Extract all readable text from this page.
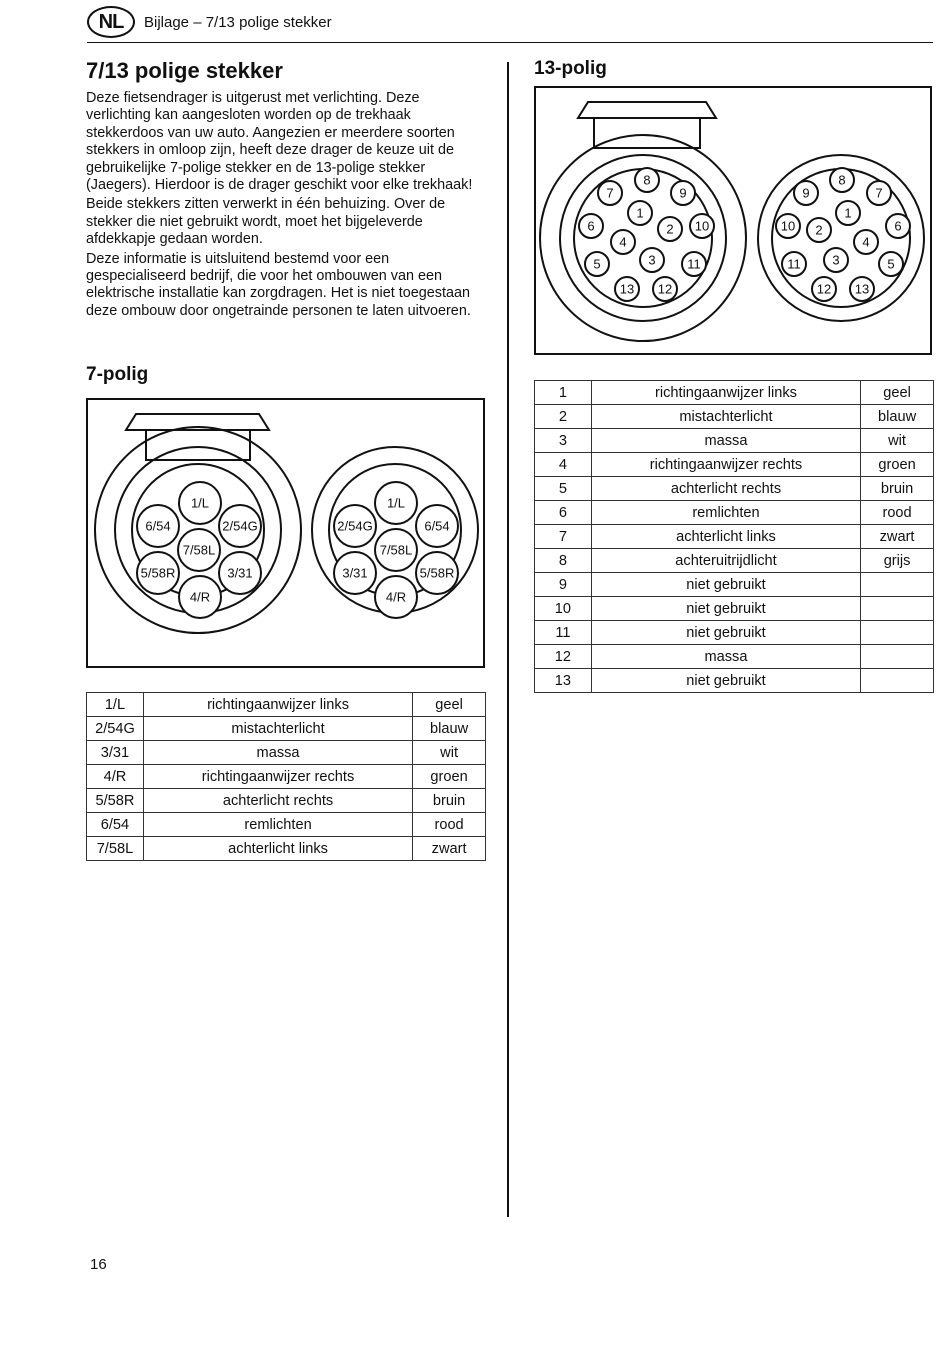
NL	Bijlage – 7/13 polige stekker
7/13 polige stekker

Deze fietsendrager is uitgerust met verlichting. Deze verlichting kan aangesloten worden op de trekhaak stekkerdoos van uw auto. Aangezien er meerdere soorten stekkers in omloop zijn, heeft deze drager de keuze uit de gebruikelijke 7-polige stekker en de 13-polige stekker (Jaegers). Hierdoor is de drager geschikt voor elke trekhaak!

Beide stekkers zitten verwerkt in één behuizing. Over de stekker die niet gebruikt wordt, moet het bijgeleverde afdekkapje gedaan worden.

Deze informatie is uitsluitend bestemd voor een gespecialiseerd bedrijf, die voor het ombouwen van een elektrische installatie kan zorgdragen. Het is niet toegestaan deze ombouw door ongetrainde personen te laten uitvoeren.

7-polig
1/L
6/54	2/54G
7/58L
5/58R	3/31
4/R
1/L
2/54G	6/54
7/58L
3/31	5/58R
4/R
1/L	richtingaanwijzer links	geel
2/54G	mistachterlicht	blauw
3/31	massa	wit
4/R	richtingaanwijzer rechts	groen
5/58R	achterlicht rechts	bruin
6/54	remlichten	rood
7/58L	achterlicht links	zwart
13-polig
8
7	9
1
6	2 10
4
3
5	11
13 12
8
9	7
1
10 2	6
4
3
11	5
12 13
1	richtingaanwijzer links	geel
2	mistachterlicht	blauw
3	massa	wit
4	richtingaanwijzer rechts	groen
5	achterlicht rechts	bruin
6	remlichten	rood
7	achterlicht links	zwart
8	achteruitrijdlicht	grijs
9	niet gebruikt	
10	niet gebruikt	
11	niet gebruikt	
12	massa	
13	niet gebruikt	
16
